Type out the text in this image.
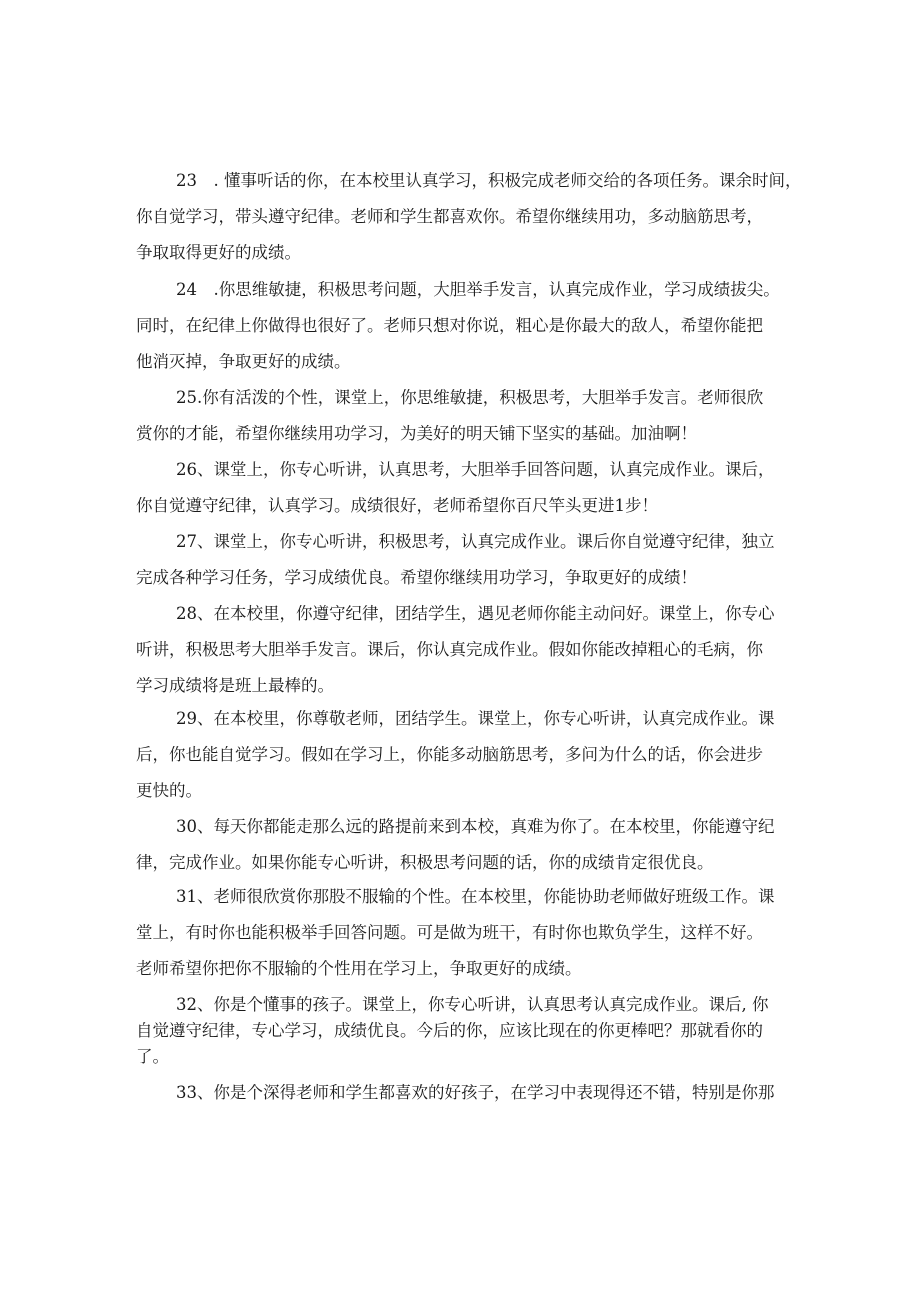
23　. 懂事听话的你，在本校里认真学习，积极完成老师交给的各项任务。课余时间，
你自觉学习，带头遵守纪律。老师和学生都喜欢你。希望你继续用功，多动脑筋思考，
争取取得更好的成绩。
24　.你思维敏捷，积极思考问题，大胆举手发言，认真完成作业，学习成绩拔尖。
同时，在纪律上你做得也很好了。老师只想对你说，粗心是你最大的敌人，希望你能把
他消灭掉，争取更好的成绩。
25.你有活泼的个性，课堂上，你思维敏捷，积极思考，大胆举手发言。老师很欣
赏你的才能，希望你继续用功学习，为美好的明天铺下坚实的基础。加油啊！
26、课堂上，你专心听讲，认真思考，大胆举手回答问题，认真完成作业。课后，
你自觉遵守纪律，认真学习。成绩很好，老师希望你百尺竿头更进1步！
27、课堂上，你专心听讲，积极思考，认真完成作业。课后你自觉遵守纪律，独立
完成各种学习任务，学习成绩优良。希望你继续用功学习，争取更好的成绩！
28、在本校里，你遵守纪律，团结学生，遇见老师你能主动问好。课堂上，你专心
听讲，积极思考大胆举手发言。课后，你认真完成作业。假如你能改掉粗心的毛病，你
学习成绩将是班上最棒的。
29、在本校里，你尊敬老师，团结学生。课堂上，你专心听讲，认真完成作业。课
后，你也能自觉学习。假如在学习上，你能多动脑筋思考，多问为什么的话，你会进步
更快的。
30、每天你都能走那么远的路提前来到本校，真难为你了。在本校里，你能遵守纪
律，完成作业。如果你能专心听讲，积极思考问题的话，你的成绩肯定很优良。
31、老师很欣赏你那股不服输的个性。在本校里，你能协助老师做好班级工作。课
堂上，有时你也能积极举手回答问题。可是做为班干，有时你也欺负学生，这样不好。
老师希望你把你不服输的个性用在学习上，争取更好的成绩。
32、你是个懂事的孩子。课堂上，你专心听讲，认真思考认真完成作业。课后, 你
自觉遵守纪律，专心学习，成绩优良。今后的你，应该比现在的你更棒吧？那就看你的
了。
33、你是个深得老师和学生都喜欢的好孩子，在学习中表现得还不错，特别是你那
